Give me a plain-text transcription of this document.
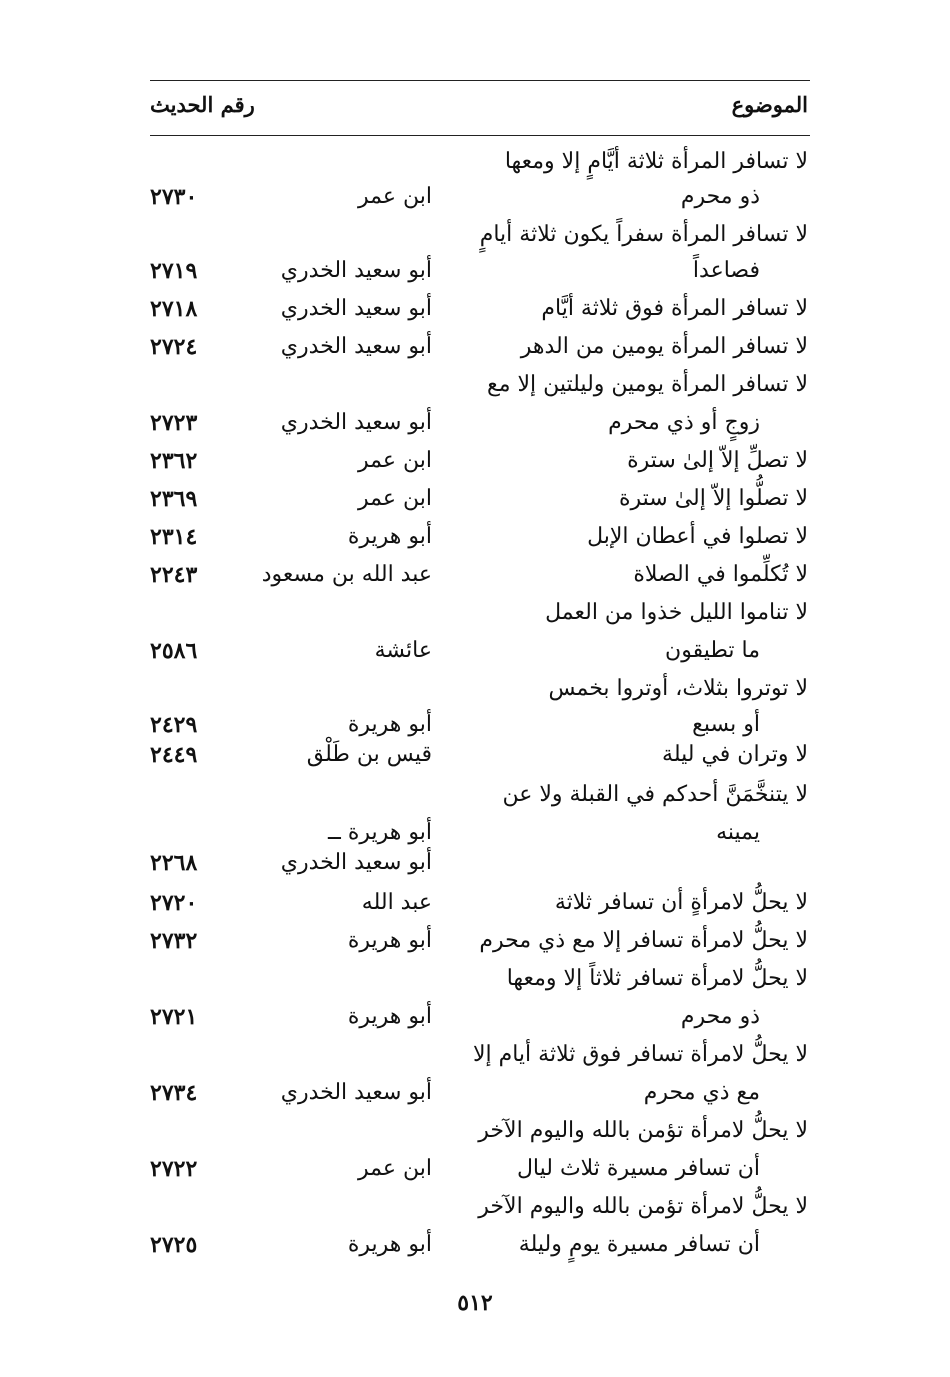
الموضوع
رقم الحديث
لا تسافر المرأة ثلاثة أيَّامٍ إلا ومعها
ذو محرم
ابن عمر
٢٧٣٠
لا تسافر المرأة سفراً يكون ثلاثة أيامٍ
فصاعداً
أبو سعيد الخدري
٢٧١٩
لا تسافر المرأة فوق ثلاثة أيَّام
أبو سعيد الخدري
٢٧١٨
لا تسافر المرأة يومين من الدهر
أبو سعيد الخدري
٢٧٢٤
لا تسافر المرأة يومين وليلتين إلا مع
زوجٍ أو ذي محرم
أبو سعيد الخدري
٢٧٢٣
لا تصلِّ إلاّ إلىٰ سترة
ابن عمر
٢٣٦٢
لا تصلُّوا إلاّ إلىٰ سترة
ابن عمر
٢٣٦٩
لا تصلوا في أعطان الإبل
أبو هريرة
٢٣١٤
لا تُكلِّموا في الصلاة
عبد الله بن مسعود
٢٢٤٣
لا تناموا الليل خذوا من العمل
ما تطيقون
عائشة
٢٥٨٦
لا توتروا بثلاث، أوتروا بخمس
أو بسبع
أبو هريرة
٢٤٢٩
لا وتران في ليلة
قيس بن طَلْق
٢٤٤٩
لا يتنخَّمَنَّ أحدكم في القبلة ولا عن
يمينه
أبو هريرة ــ
أبو سعيد الخدري
٢٢٦٨
لا يحلُّ لامرأةٍ أن تسافر ثلاثة
عبد الله
٢٧٢٠
لا يحلُّ لامرأة تسافر إلا مع ذي محرم
أبو هريرة
٢٧٣٢
لا يحلُّ لامرأة تسافر ثلاثاً إلا ومعها
ذو محرم
أبو هريرة
٢٧٢١
لا يحلُّ لامرأة تسافر فوق ثلاثة أيام إلا
مع ذي محرم
أبو سعيد الخدري
٢٧٣٤
لا يحلُّ لامرأة تؤمن بالله واليوم الآخر
أن تسافر مسيرة ثلاث ليال
ابن عمر
٢٧٢٢
لا يحلُّ لامرأة تؤمن بالله واليوم الآخر
أن تسافر مسيرة يومٍ وليلة
أبو هريرة
٢٧٢٥
٥١٢
